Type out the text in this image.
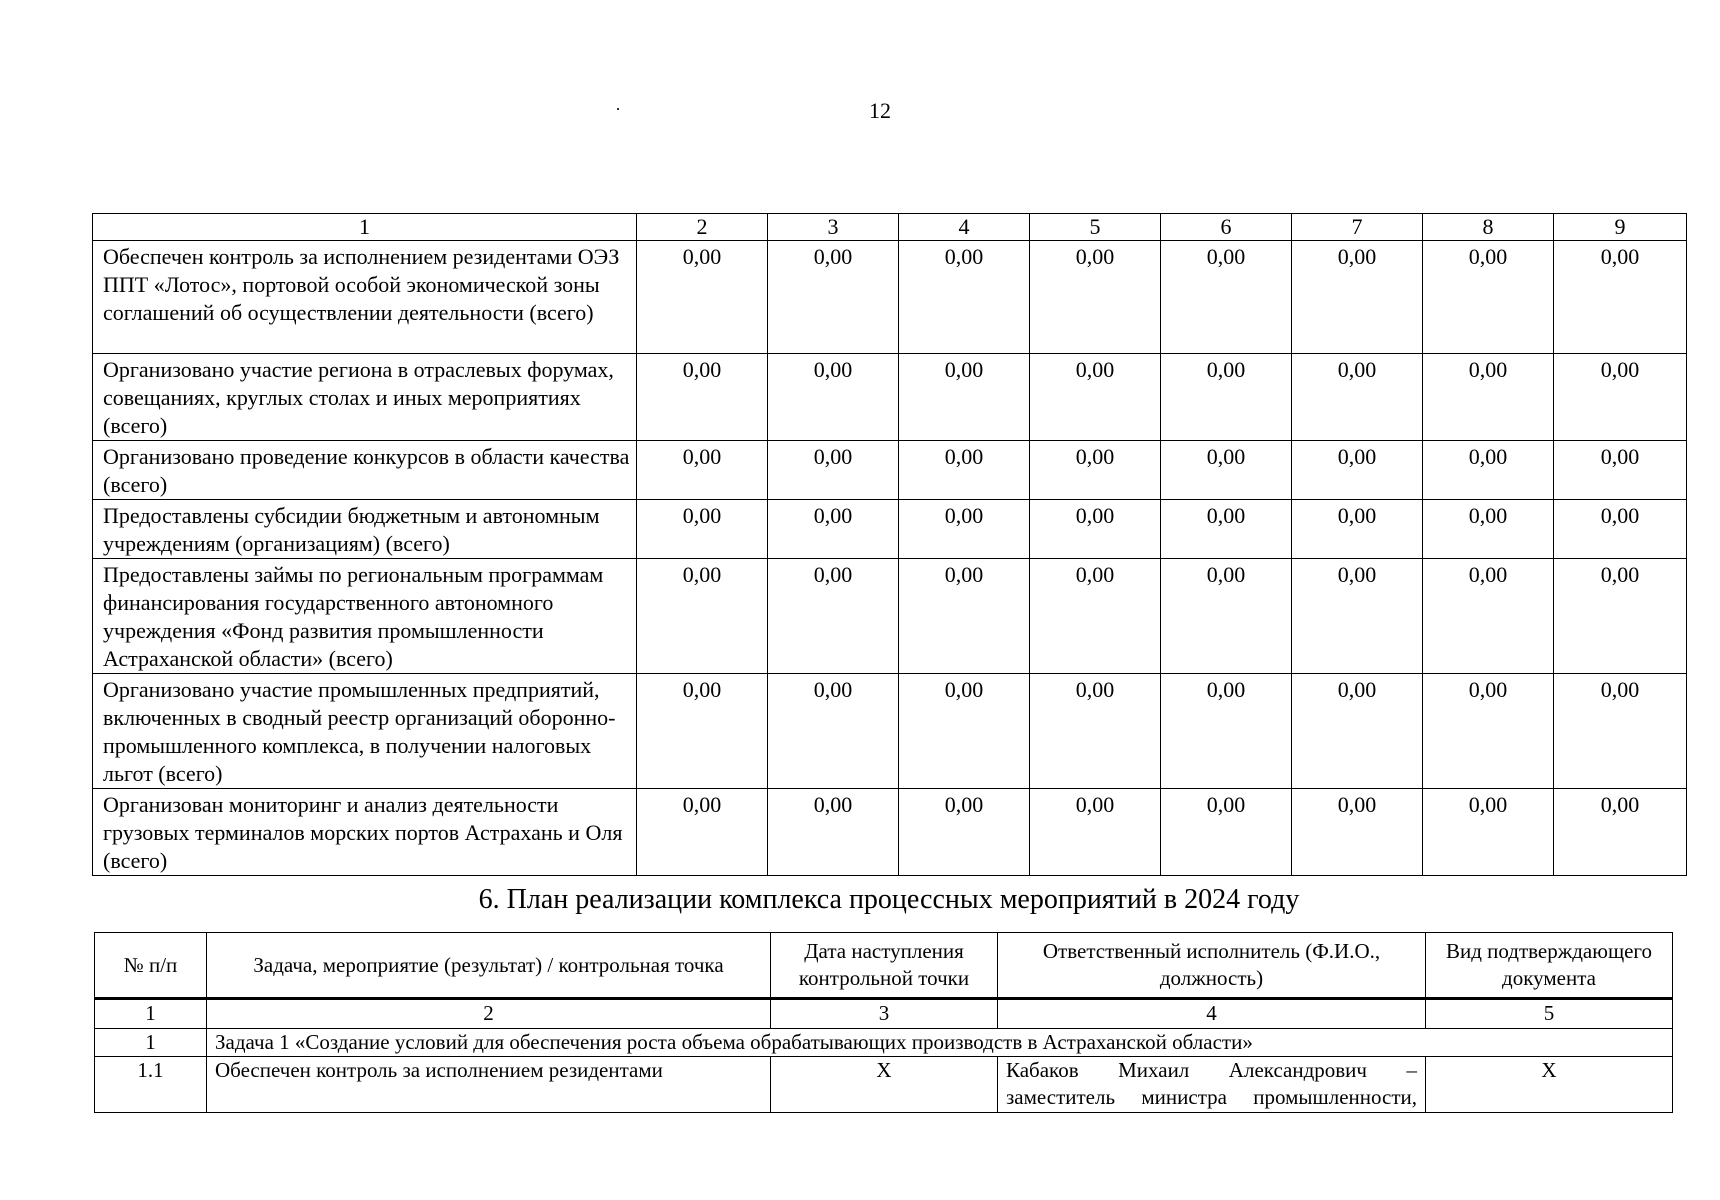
12
1	2	3	4	5	6	7	8	9
Обеспечен контроль за исполнением резидентами ОЭЗ ППТ «Лотос», портовой особой экономической зоны соглашений об осуществлении деятельности (всего)	0,00	0,00	0,00	0,00	0,00	0,00	0,00	0,00
Организовано участие региона в отраслевых форумах, совещаниях, круглых столах и иных мероприятиях (всего)	0,00	0,00	0,00	0,00	0,00	0,00	0,00	0,00
Организовано проведение конкурсов в области качества (всего)	0,00	0,00	0,00	0,00	0,00	0,00	0,00	0,00
Предоставлены субсидии бюджетным и автономным учреждениям (организациям) (всего)	0,00	0,00	0,00	0,00	0,00	0,00	0,00	0,00
Предоставлены займы по региональным программам финансирования государственного автономного учреждения «Фонд развития промышленности Астраханской области» (всего)	0,00	0,00	0,00	0,00	0,00	0,00	0,00	0,00
Организовано участие промышленных предприятий, включенных в сводный реестр организаций оборонно-промышленного комплекса, в получении налоговых льгот (всего)	0,00	0,00	0,00	0,00	0,00	0,00	0,00	0,00
Организован мониторинг и анализ деятельности грузовых терминалов морских портов Астрахань и Оля (всего)	0,00	0,00	0,00	0,00	0,00	0,00	0,00	0,00
6. План реализации комплекса процессных мероприятий в 2024 году
№ п/п	Задача, мероприятие (результат) / контрольная точка	Дата наступления контрольной точки	Ответственный исполнитель (Ф.И.О., должность)	Вид подтверждающего документа
1	2	3	4	5
1	Задача 1 «Создание условий для обеспечения роста объема обрабатывающих производств в Астраханской области»			
1.1	Обеспечен контроль за исполнением резидентами	X	Кабаков Михаил Александрович – заместитель министра промышленности,	X
